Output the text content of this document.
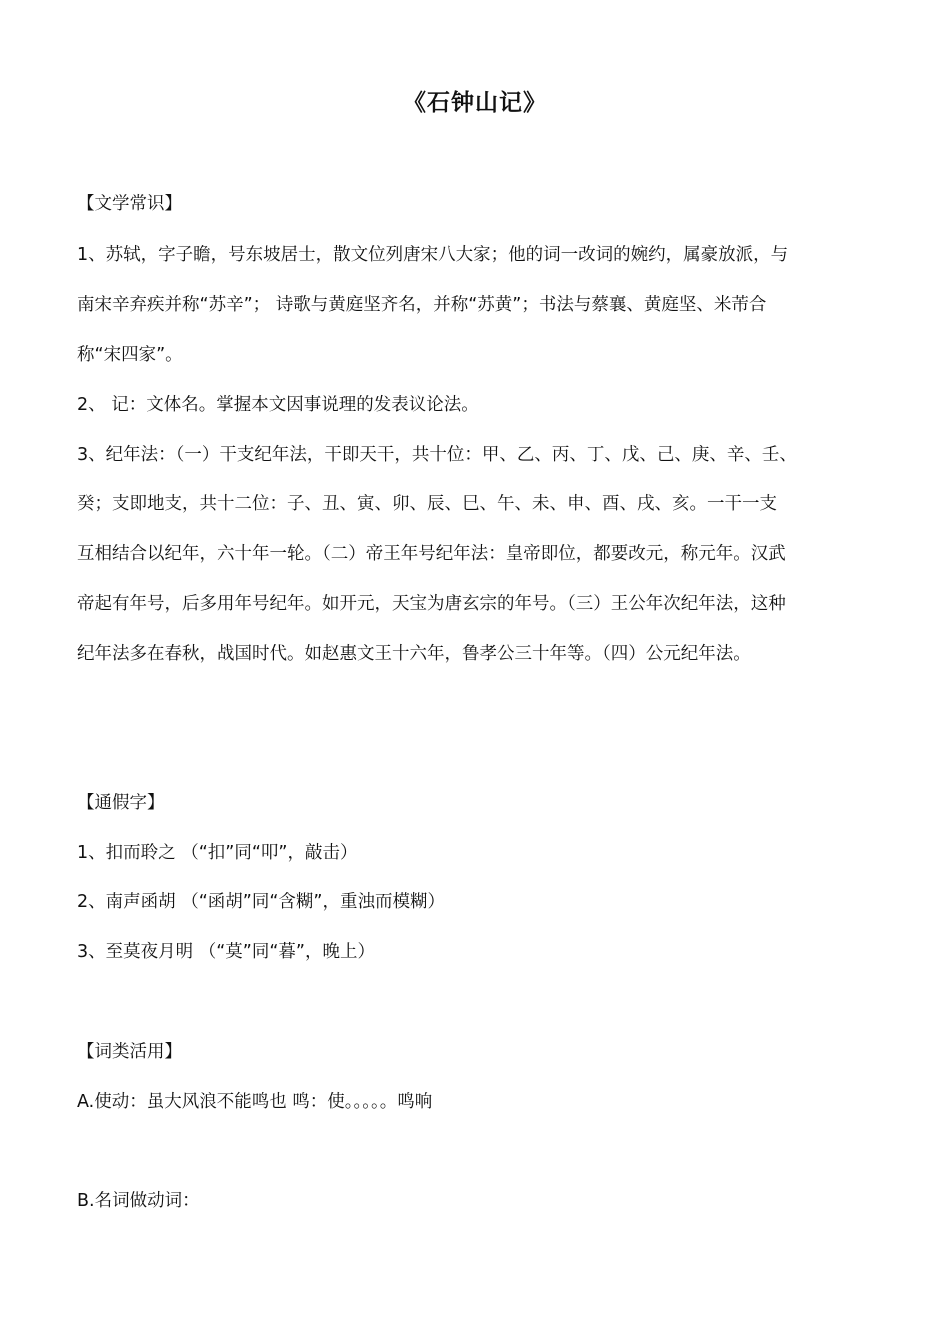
《石钟山记》
【文学常识】
1、苏轼，字子瞻，号东坡居士，散文位列唐宋八大家；他的词一改词的婉约，属豪放派，与
南宋辛弃疾并称“苏辛”； 诗歌与黄庭坚齐名，并称“苏黄”；书法与蔡襄、黄庭坚、米芾合
称“宋四家”。
2、 记：文体名。掌握本文因事说理的发表议论法。
3、纪年法：（一）干支纪年法，干即天干，共十位：甲、乙、丙、丁、戊、己、庚、辛、壬、
癸；支即地支，共十二位：子、丑、寅、卯、辰、巳、午、未、申、酉、戌、亥。一干一支
互相结合以纪年，六十年一轮。（二）帝王年号纪年法：皇帝即位，都要改元，称元年。汉武
帝起有年号，后多用年号纪年。如开元，天宝为唐玄宗的年号。（三）王公年次纪年法，这种
纪年法多在春秋，战国时代。如赵惠文王十六年，鲁孝公三十年等。（四）公元纪年法。
【通假字】
1、扣而聆之 （“扣”同“叩”，敲击）
2、南声函胡 （“函胡”同“含糊”，重浊而模糊）
3、至莫夜月明 （“莫”同“暮”，晚上）
【词类活用】
A.使动：虽大风浪不能鸣也 鸣：使。。。。。鸣响
B.名词做动词：
